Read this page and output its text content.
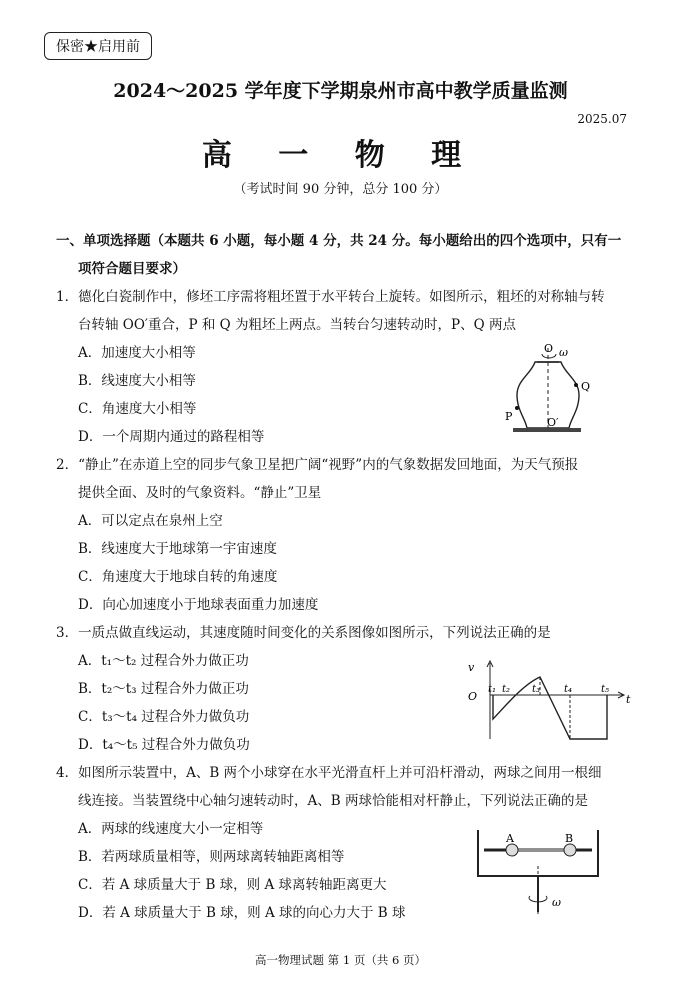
保密★启用前
2024～2025 学年度下学期泉州市高中教学质量监测
2025.07
高 一 物 理
（考试时间 90 分钟，总分 100 分）
一、单项选择题（本题共 6 小题，每小题 4 分，共 24 分。每小题给出的四个选项中，只有一
项符合题目要求）
1．德化白瓷制作中，修坯工序需将粗坯置于水平转台上旋转。如图所示，粗坯的对称轴与转
台转轴 OO′重合，P 和 Q 为粗坯上两点。当转台匀速转动时，P、Q 两点
A．加速度大小相等
B．线速度大小相等
C．角速度大小相等
D．一个周期内通过的路程相等
O ω
Q
P	O′
2．“静止”在赤道上空的同步气象卫星把广阔“视野”内的气象数据发回地面，为天气预报
提供全面、及时的气象资料。“静止”卫星
A．可以定点在泉州上空
B．线速度大于地球第一宇宙速度
C．角速度大于地球自转的角速度
D．向心加速度小于地球表面重力加速度
3．一质点做直线运动，其速度随时间变化的关系图像如图所示，下列说法正确的是
A．t₁～t₂ 过程合外力做正功
B．t₂～t₃ 过程合外力做正功
C．t₃～t₄ 过程合外力做负功
D．t₄～t₅ 过程合外力做负功
v
O	t
t₁ t₂ t₃ t₄	t₅
4．如图所示装置中，A、B 两个小球穿在水平光滑直杆上并可沿杆滑动，两球之间用一根细
线连接。当装置绕中心轴匀速转动时，A、B 两球恰能相对杆静止，下列说法正确的是
A．两球的线速度大小一定相等
B．若两球质量相等，则两球离转轴距离相等
C．若 A 球质量大于 B 球，则 A 球离转轴距离更大
D．若 A 球质量大于 B 球，则 A 球的向心力大于 B 球
A	B
ω
高一物理试题 第 1 页（共 6 页）
